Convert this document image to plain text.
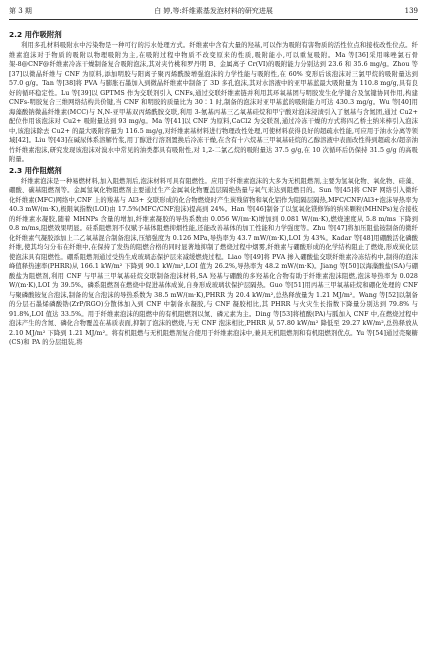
第 3 期	白 婷,等:纤维素基发泡材料的研究进展	139
2.2 用作吸附剂

利用多孔材料吸附水中污染物是一种可行的污水处理方式。纤维素中含有大量的羟基,可以作为吸附有害物质的活性位点和接枝改性位点。纤维素泡沫对于物质的吸附以物理吸附为主,在吸附过程中物质不改变原来的性质,吸附能小,可以重复吸附。Ma 等[36]采用咪唑氯石骨架-8@CNF@纤维素冷冻干燥制备复合吸附泡沫,其对夹竹桃和罗丹明 B、金属离子 Cr(VI)的吸附能力分别达到 23.6 和 35.6 mg/g。Zhou 等[37]以微晶纤维与 CNF 为原料,添加明胶与阳离子聚丙烯酰胺增强泡沫的力学性能与吸附性,在 60% 变形后该泡沫对三氯甲烷的吸附量达到 57.0 g/g。Tan 等[38]将 PVA 与膨胀石墨加入到微晶纤维素中制备了 3D 多孔泡沫,其对水溶液中的亚甲基蓝最大吸附量为 110.8 mg/g,具有良好的循环稳定性。Lu 等[39]以 GPTMS 作为交联剂引入 CNFs,通过交联纤维素链并利用其环氧基团与明胶发生化学键合及氢键协同作用,构建 CNFs-明胶复合三维网络结构共价键,当 CNF 和明胶的质量比为 30∶1 时,制备的泡沫对亚甲基蓝的吸附能力可达 430.3 mg/g。Wu 等[40]用海藻酸钠微晶纤维素(MCC)与 N,N-亚甲基双丙烯酰胺交联,利用 3-氨基丙基三乙氧基硅烷和甲宁酸对泡沫浸渍引入了氨基与含氮团,通过 Cu2+ 配位作用该泡沫对 Cu2+ 吸附量达到 93 mg/g。Ma 等[41]以 CNF 为原料,CaCl2 为交联剂,通过冷冻干燥的方式将四乙桥土纳米棒引入泡沫中,该泡沫除去 Cu2+ 的最大吸附容量为 116.5 mg/g,对纤维素基材料进行物理改性处理,可使材料获得良好的超疏水性能,可应用于油水分离等领域[42]。Liu 等[43]在碱尿体系溶解竹浆,用丁醇进行溶剂置换后冷冻干燥,在含有十六烷基三甲氧基硅烷的乙醇溶液中表面改性得到超疏水/超亲油竹纤维素泡沫,研究发现该泡沫对溴水中常见的油类都具有吸附性,对 1,2-二氯乙烷的吸附量达 37.5 g/g,在 10 次循环后仍保持 31.5 g/g 的高吸附量。

2.3 用作阻燃剂

纤维素泡沫是一种易燃材料,加入阻燃剂后,泡沫材料可具有阻燃性。应用于纤维素泡沫的大多为无机阻燃剂,主要为氢氧化物、氧化物、硅藻、硼酸、碳基阻燃剂等。金属氢氧化物阻燃剂主要通过生产金属氧化物覆盖层隔绝热量与氧气来达到阻燃目的。Sun 等[45]将 CNF 网络引入微纤化纤维素(MFC)网络中,CNF 上的羧基与 Al3+ 交联形成的化合物燃烧时产生炭残留物和氧化铝作为阻隔层隔热,MFC/CNF/Al3+泡沫导热率为 40.3 mW/(m·K),极限氧指数(LOI)由 17.5%(MFC/CNF泡沫)提高到 24%。Han 等[46]制备了以氢氧化镁修饰的纳米颗粒(MHNPs)复合接枝的纤维素水凝胶,随着 MHNPs 含量的增加,纤维素凝胶的导热系数由 0.056 W/(m·K)增加到 0.081 W/(m·K),燃烧速度从 5.8 m/ms 下降到 0.8 m/ms,阻燃效果明显。硅系阻燃剂不仅赋予基体阻燃抑烟性能,还能改善基体的加工性能和力学强度等。Zhu 等[47]将加压阻盐铵制备的微纤化纤维素气凝胶添加上二乙氧基混合制备泡沫,压缩强度为 0.126 MPa,导热率为 43.7 mW/(m·K),LOI 为 43%。Kadar 等[48]用硼酸活化磷酸纤维,使其均匀分布在纤维中,在保持了发热的阻燃合格的同时显著地抑制了燃烧过程中烟雾,纤维素与硼酸形成的化学结构阻止了燃烧,形成炭化层使泡沫具有阻燃性。硼系阻燃剂通过受热生成玻璃态保护层来减缓燃烧过程。Liao 等[49]将 PVA 掺入硼酸盐交联纤维素冷冻结构中,制得的泡沫峰值释热速率(PHRR)从 166.1 kW/m² 下降到 90.1 kW/m²,LOI 值为 26.2%,导热率为 48.2 mW/(m·K)。Jiang 等[50]以海藻酸盐(SA)与硼酸盐为阻燃剂,利用 CNF 与甲基三甲氧基硅烷交联制备泡沫材料,SA 羟基与硼酸的多羟基化合物有助于纤维素泡沫阻燃,泡沫导热率为 0.028 W/(m·K),LOI 为 39.5%。磷系阻燃剂在燃烧中促进基体成炭,自身形成玻璃状保护层隔热。Guo 等[51]用丙基三甲氧基硅烷和硼化处理的 CNF 与聚磷酸铵复合泡沫,制备的复合泡沫的导热系数为 38.5 mW/(m·K),PHRR 为 20.4 kW/m²,总热释放量为 1.21 MJ/m²。Wang 等[52]以制备的分层石墨烯磷酸锆(ZrP/RGO)分散体加入到 CNF 中制备水凝胶,与 CNF 凝胶相比,其 PHRR 与火灾生长指数下降量分别达到 79.8% 与 91.8%,LOI 值达 33.5%。用于纤维素泡沫的阻燃中的有机阻燃剂以氮、磷元素为主。Ding 等[53]将植酸(PA)与胍加入 CNF 中,在燃烧过程中泡沫产生的含氮、磷化合物覆盖在基质表面,抑制了泡沫的燃烧,与无 CNF 泡沫相比,PHRR 从 57.80 kW/m² 降低至 29.27 kW/m²,总热释放从 2.10 MJ/m² 下降到 1.21 MJ/m²。将有机阻燃与无机阻燃剂复合使用于纤维素泡沫中,兼具无机阻燃剂和有机阻燃剂优点。Yu 等[54]通过壳聚糖(CS)和 PA 的分层组装,将
